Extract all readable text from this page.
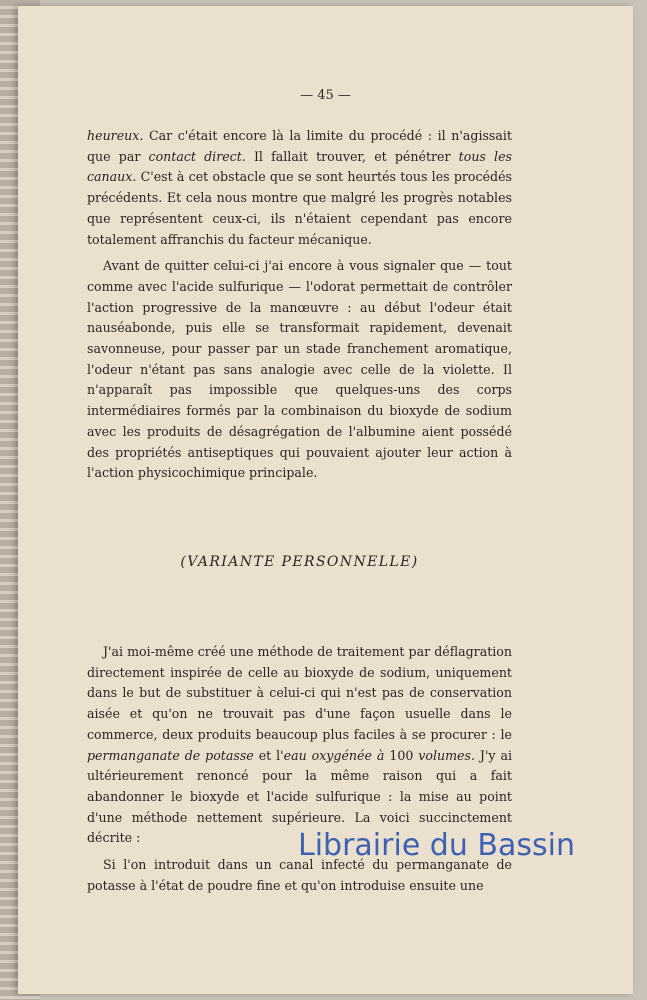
— 45 —

heureux. Car c'était encore là la limite du procédé : il n'agissait que par contact direct. Il fallait trouver, et pénétrer tous les canaux. C'est à cet obstacle que se sont heurtés tous les procédés précédents. Et cela nous montre que malgré les progrès notables que représentent ceux-ci, ils n'étaient cependant pas encore totalement affranchis du facteur mécanique.

Avant de quitter celui-ci j'ai encore à vous signaler que — tout comme avec l'acide sulfurique — l'odorat permettait de contrôler l'action progressive de la manœuvre : au début l'odeur était nauséabonde, puis elle se transformait rapidement, devenait savonneuse, pour passer par un stade franchement aromatique, l'odeur n'étant pas sans analogie avec celle de la violette. Il n'apparaît pas impossible que quelques-uns des corps intermédiaires formés par la combinaison du bioxyde de sodium avec les produits de désagrégation de l'albumine aient possédé des propriétés antiseptiques qui pouvaient ajouter leur action à l'action physicochimique principale.

(VARIANTE PERSONNELLE)

J'ai moi-même créé une méthode de traitement par déflagration directement inspirée de celle au bioxyde de sodium, uniquement dans le but de substituer à celui-ci qui n'est pas de conservation aisée et qu'on ne trouvait pas d'une façon usuelle dans le commerce, deux produits beaucoup plus faciles à se procurer : le permanganate de potasse et l'eau oxygénée à 100 volumes. J'y ai ultérieurement renoncé pour la même raison qui a fait abandonner le bioxyde et l'acide sulfurique : la mise au point d'une méthode nettement supérieure. La voici succinctement décrite :

Si l'on introduit dans un canal infecté du permanganate de potasse à l'état de poudre fine et qu'on introduise ensuite une

Librairie du Bassin
